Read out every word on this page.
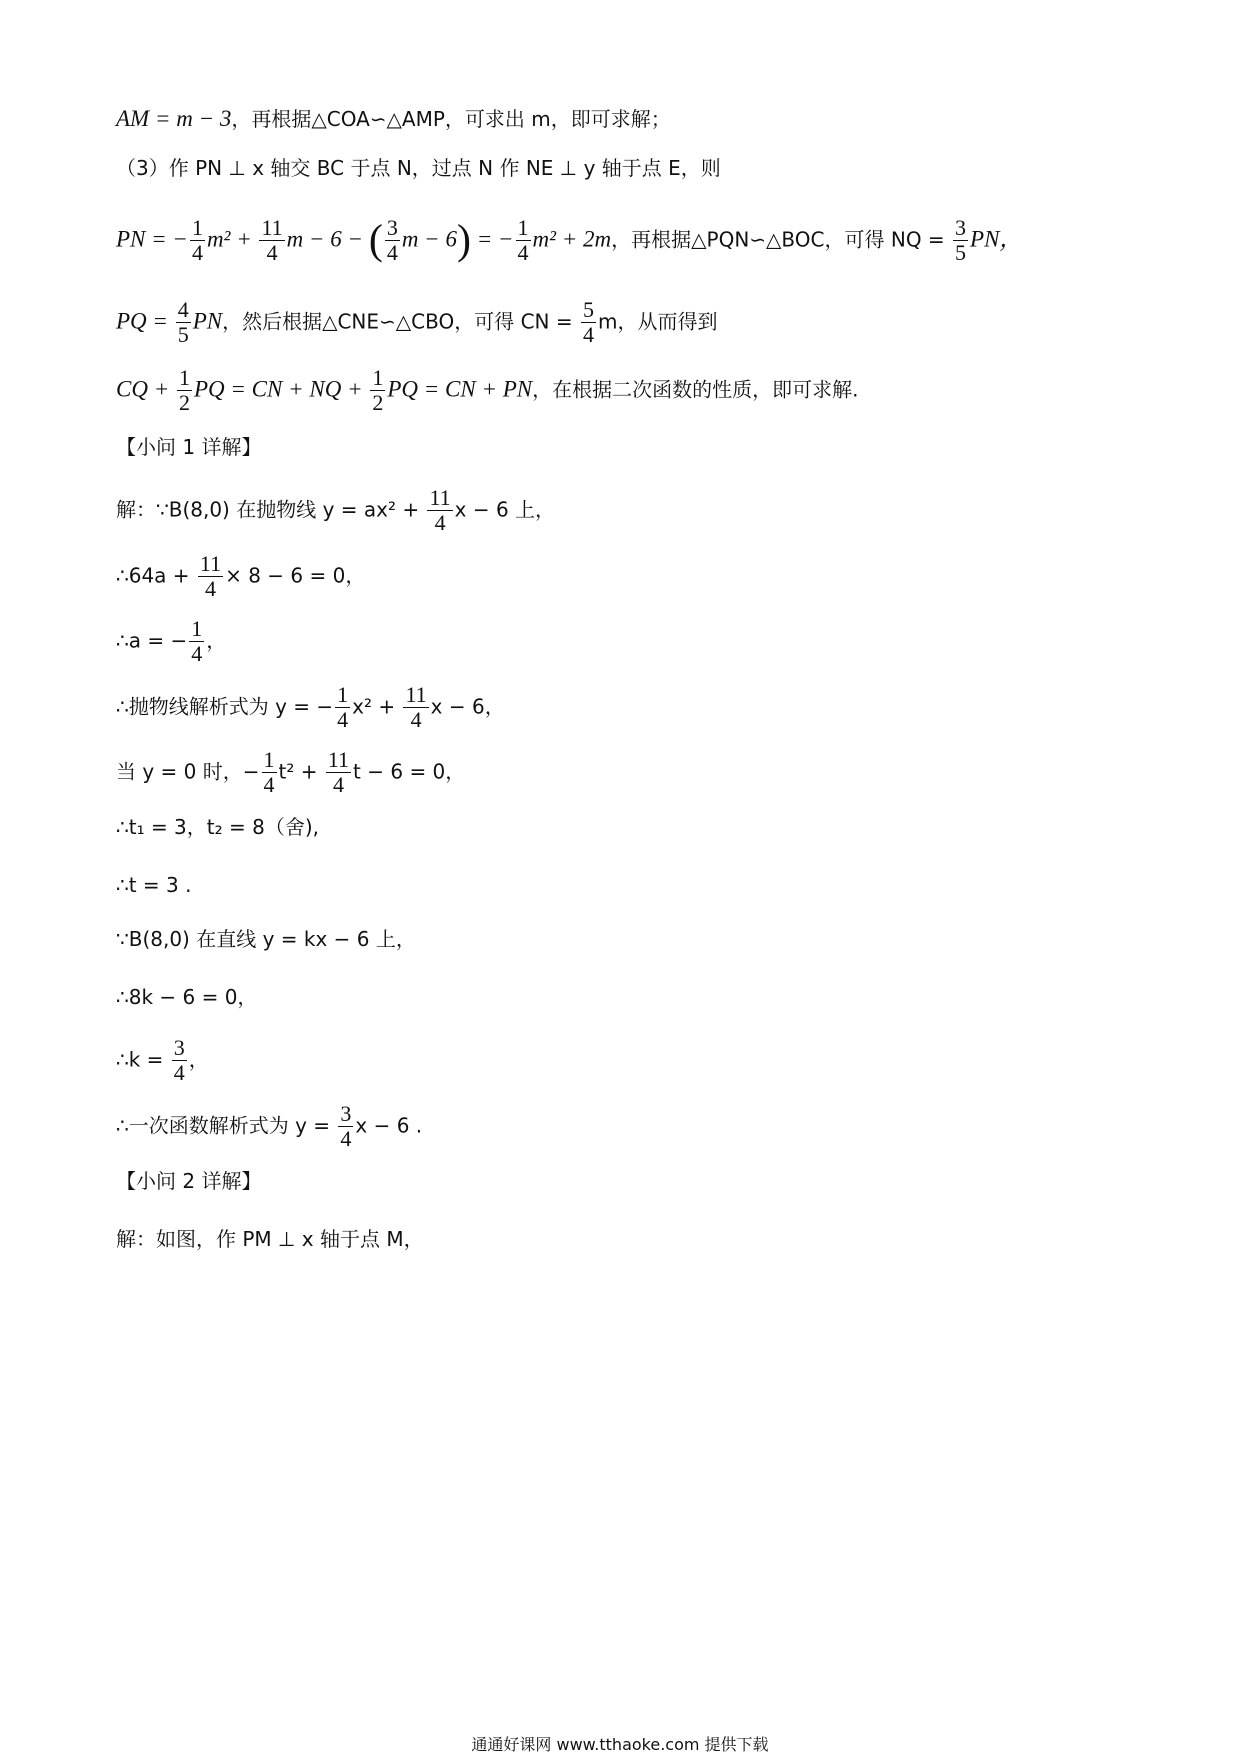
AM = m − 3，再根据△COA∽△AMP，可求出 m，即可求解；
（3）作 PN ⊥ x 轴交 BC 于点 N，过点 N 作 NE ⊥ y 轴于点 E，则
PN = − $\frac{1}{4} m^2 + \frac{11}{4}$ m − 6 − ( $\frac{3}{4}$ m − 6) = − $\frac{1}{4} m^2 + 2m$，再根据△PQN∽△BOC，可得 NQ = $\frac{3}{5}$ PN，
PQ = $\frac{4}{5}$ PN，然后根据△CNE∽△CBO，可得 CN = $\frac{5}{4}$ m，从而得到
CQ + $\frac{1}{2}$ PQ = CN + NQ + $\frac{1}{2}$ PQ = CN + PN，在根据二次函数的性质，即可求解.
【小问 1 详解】
解：∵B(8,0) 在抛物线 $y = ax^2 + \frac{11}{4}$ x − 6 上，
∴64a + $\frac{11}{4} \times 8 - 6 = 0$，
∴a = − $\frac{1}{4}$ ，
∴抛物线解析式为 y = − $\frac{1}{4} x^2 + \frac{11}{4}$ x − 6，
当 y = 0 时，− $\frac{1}{4} t^2 + \frac{11}{4}$ t − 6 = 0，
∴t₁ = 3，t₂ = 8（舍),
∴t = 3 .
∵B(8,0) 在直线 y = kx − 6 上，
∴8k − 6 = 0，
∴k = $\frac{3}{4}$ ，
∴一次函数解析式为 $y = \frac{3}{4}$ x − 6 .
【小问 2 详解】
解：如图，作 PM ⊥ x 轴于点 M，
通通好课网 www.tthaoke.com 提供下载
